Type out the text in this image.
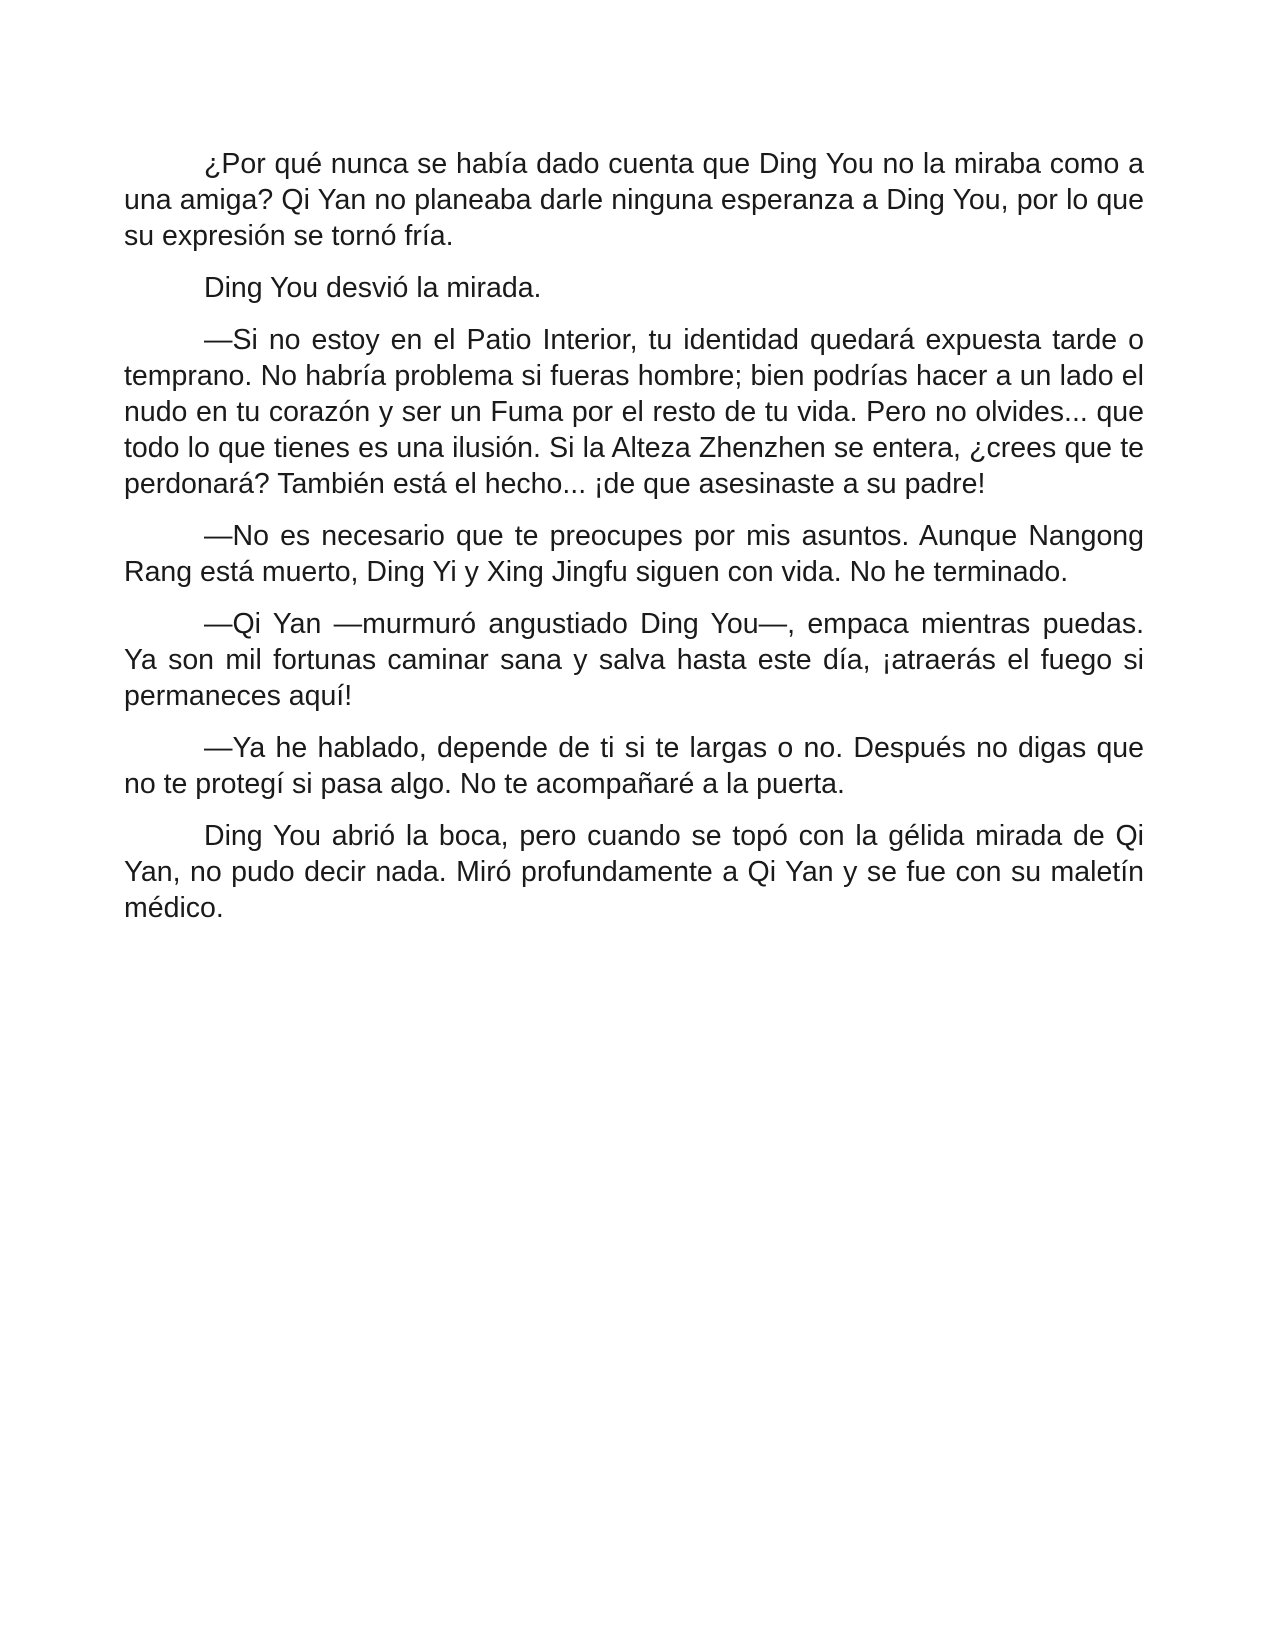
¿Por qué nunca se había dado cuenta que Ding You no la miraba como a una amiga? Qi Yan no planeaba darle ninguna esperanza a Ding You, por lo que su expresión se tornó fría.

Ding You desvió la mirada.

—Si no estoy en el Patio Interior, tu identidad quedará expuesta tarde o temprano. No habría problema si fueras hombre; bien podrías hacer a un lado el nudo en tu corazón y ser un Fuma por el resto de tu vida. Pero no olvides... que todo lo que tienes es una ilusión. Si la Alteza Zhenzhen se entera, ¿crees que te perdonará? También está el hecho... ¡de que asesinaste a su padre!

—No es necesario que te preocupes por mis asuntos. Aunque Nangong Rang está muerto, Ding Yi y Xing Jingfu siguen con vida. No he terminado.

—Qi Yan —murmuró angustiado Ding You—, empaca mientras puedas. Ya son mil fortunas caminar sana y salva hasta este día, ¡atraerás el fuego si permaneces aquí!

—Ya he hablado, depende de ti si te largas o no. Después no digas que no te protegí si pasa algo. No te acompañaré a la puerta.

Ding You abrió la boca, pero cuando se topó con la gélida mirada de Qi Yan, no pudo decir nada. Miró profundamente a Qi Yan y se fue con su maletín médico.
